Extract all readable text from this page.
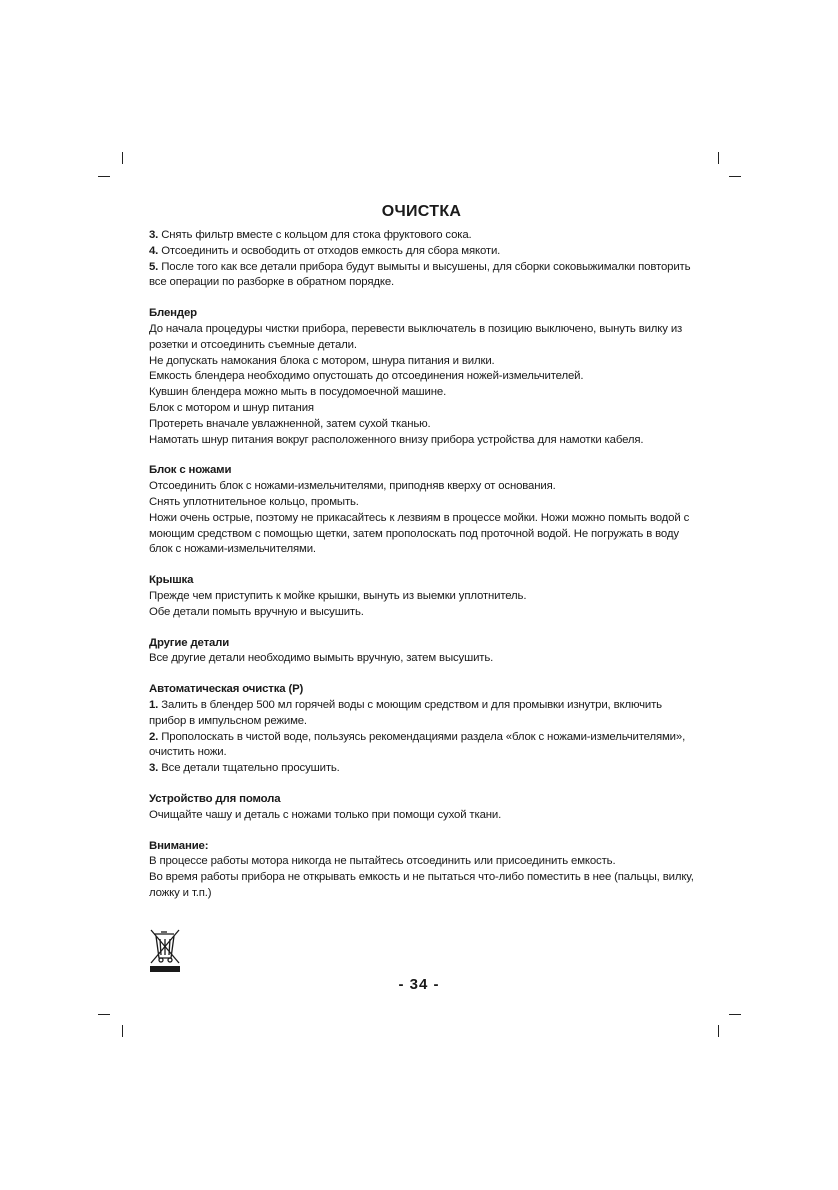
ОЧИСТКА

3. Снять фильтр вместе с кольцом для стока фруктового сока.

4. Отсоединить и освободить от отходов емкость для сбора мякоти.

5. После того как все детали прибора будут вымыты и высушены, для сборки соковыжималки повторить все операции по разборке в обратном порядке.

Блендер

До начала процедуры чистки прибора, перевести выключатель в позицию выключено, вынуть вилку из розетки и отсоединить съемные детали.

Не допускать намокания блока с мотором, шнура питания и вилки.

Емкость блендера необходимо опустошать до отсоединения ножей-измельчителей.

Кувшин блендера можно мыть в посудомоечной машине.

Блок с мотором и шнур питания

Протереть вначале увлажненной, затем сухой тканью.

Намотать шнур питания вокруг расположенного внизу прибора устройства для намотки кабеля.

Блок с ножами

Отсоединить блок с ножами-измельчителями, приподняв кверху от основания.

Снять уплотнительное кольцо, промыть.

Ножи очень острые, поэтому не прикасайтесь к лезвиям в процессе мойки. Ножи можно помыть водой с моющим средством с помощью щетки, затем прополоскать под проточной водой. Не погружать в воду блок с ножами-измельчителями.

Крышка

Прежде чем приступить к мойке крышки, вынуть из выемки уплотнитель.

Обе детали помыть вручную и высушить.

Другие детали

Все другие детали необходимо вымыть вручную, затем высушить.

Автоматическая очистка (P)

1. Залить в блендер 500 мл горячей воды с моющим средством и для промывки изнутри, включить прибор в импульсном режиме.

2. Прополоскать в чистой воде, пользуясь рекомендациями раздела «блок с ножами-измельчителями», очистить ножи.

3. Все детали тщательно просушить.

Устройство для помола

Очищайте чашу и деталь с ножами только при помощи сухой ткани.

Внимание:

В процессе работы мотора никогда не пытайтесь отсоединить или присоединить емкость.

Во время работы прибора не открывать емкость и не пытаться что-либо поместить в нее (пальцы, вилку, ложку и т.п.)

- 34 -
